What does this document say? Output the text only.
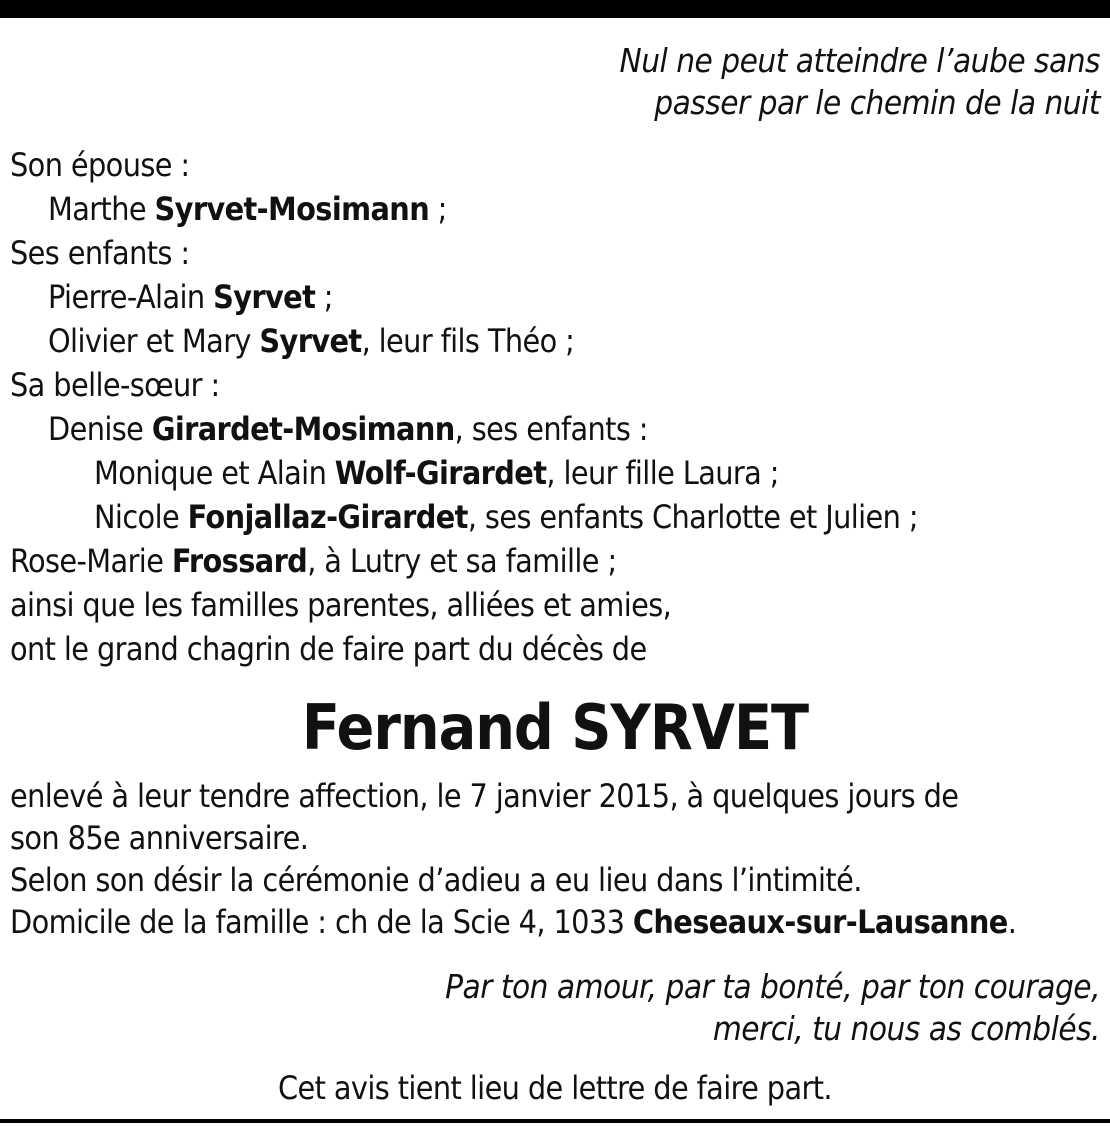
Nul ne peut atteindre l’aube sans
passer par le chemin de la nuit
Son épouse :
Marthe Syrvet-Mosimann ;
Ses enfants :
Pierre-Alain Syrvet ;
Olivier et Mary Syrvet, leur fils Théo ;
Sa belle-sœur :
Denise Girardet-Mosimann, ses enfants :
Monique et Alain Wolf-Girardet, leur fille Laura ;
Nicole Fonjallaz-Girardet, ses enfants Charlotte et Julien ;
Rose-Marie Frossard, à Lutry et sa famille ;
ainsi que les familles parentes, alliées et amies,
ont le grand chagrin de faire part du décès de
Fernand SYRVET
enlevé à leur tendre affection, le 7 janvier 2015, à quelques jours de
son 85e anniversaire.
Selon son désir la cérémonie d’adieu a eu lieu dans l’intimité.
Domicile de la famille : ch de la Scie 4, 1033 Cheseaux-sur-Lausanne.
Par ton amour, par ta bonté, par ton courage,
merci, tu nous as comblés.
Cet avis tient lieu de lettre de faire part.
